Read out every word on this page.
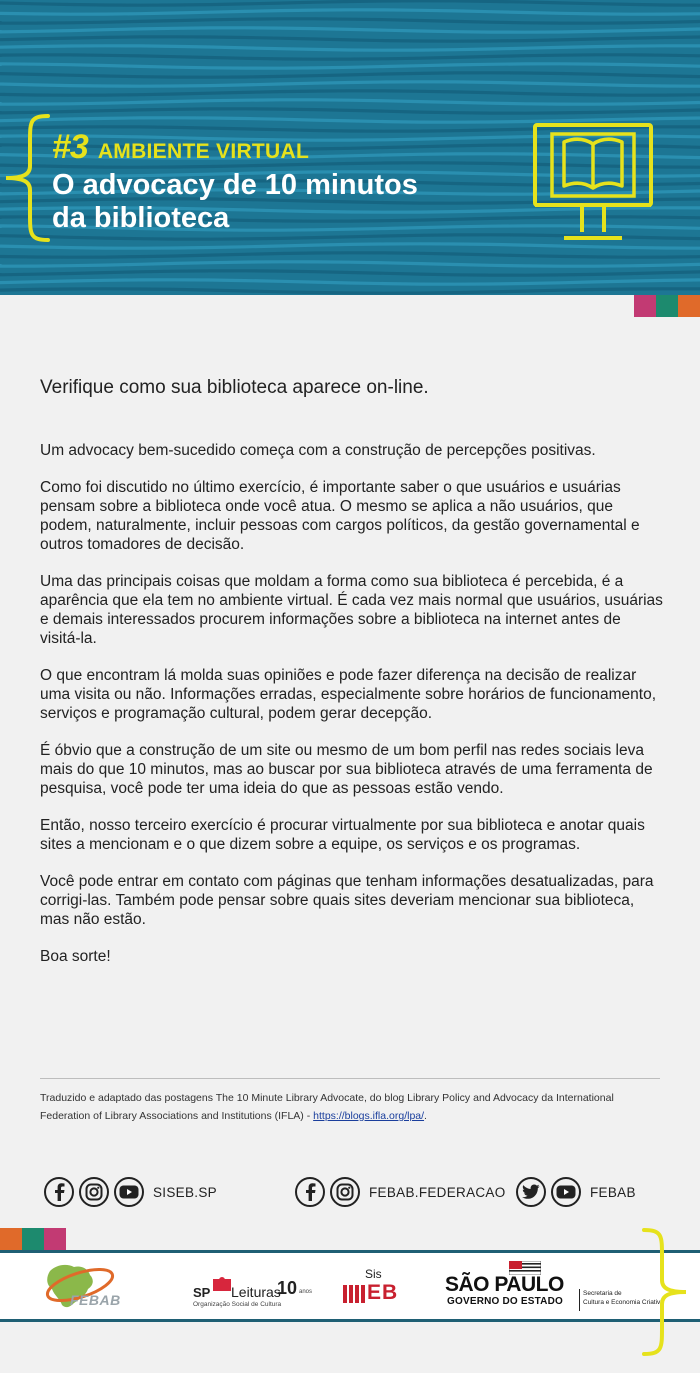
#3 AMBIENTE VIRTUAL
O advocacy de 10 minutos
da biblioteca
Verifique como sua biblioteca aparece on-line.

Um advocacy bem-sucedido começa com a construção de percepções positivas.

Como foi discutido no último exercício, é importante saber o que usuários e usuárias pensam sobre a biblioteca onde você atua. O mesmo se aplica a não usuários, que podem, naturalmente, incluir pessoas com cargos políticos, da gestão governamental e outros tomadores de decisão.

Uma das principais coisas que moldam a forma como sua biblioteca é percebida, é a aparência que ela tem no ambiente virtual. É cada vez mais normal que usuários, usuárias e demais interessados procurem informações sobre a biblioteca na internet antes de visitá-la.

O que encontram lá molda suas opiniões e pode fazer diferença na decisão de realizar uma visita ou não. Informações erradas, especialmente sobre horários de funcionamento, serviços e programação cultural, podem gerar decepção.

É óbvio que a construção de um site ou mesmo de um bom perfil nas redes sociais leva mais do que 10 minutos, mas ao buscar por sua biblioteca através de uma ferramenta de pesquisa, você pode ter uma ideia do que as pessoas estão vendo.

Então, nosso terceiro exercício é procurar virtualmente por sua biblioteca e anotar quais sites a mencionam e o que dizem sobre a equipe, os serviços e os programas.

Você pode entrar em contato com páginas que tenham informações desatualizadas, para corrigi-las. Também pode pensar sobre quais sites deveriam mencionar sua biblioteca, mas não estão.

Boa sorte!

Traduzido e adaptado das postagens The 10 Minute Library Advocate, do blog Library Policy and Advocacy da International Federation of Library Associations and Institutions (IFLA) - https://blogs.ifla.org/lpa/.
SISEB.SP	FEBAB.FEDERACAO	FEBAB
FEBAB	SP Leituras
10 anos
Organização Social de Cultura
Sis
EB SÃO PAULO
GOVERNO DO ESTADO
Secretaria de
Cultura e Economia Criativa
